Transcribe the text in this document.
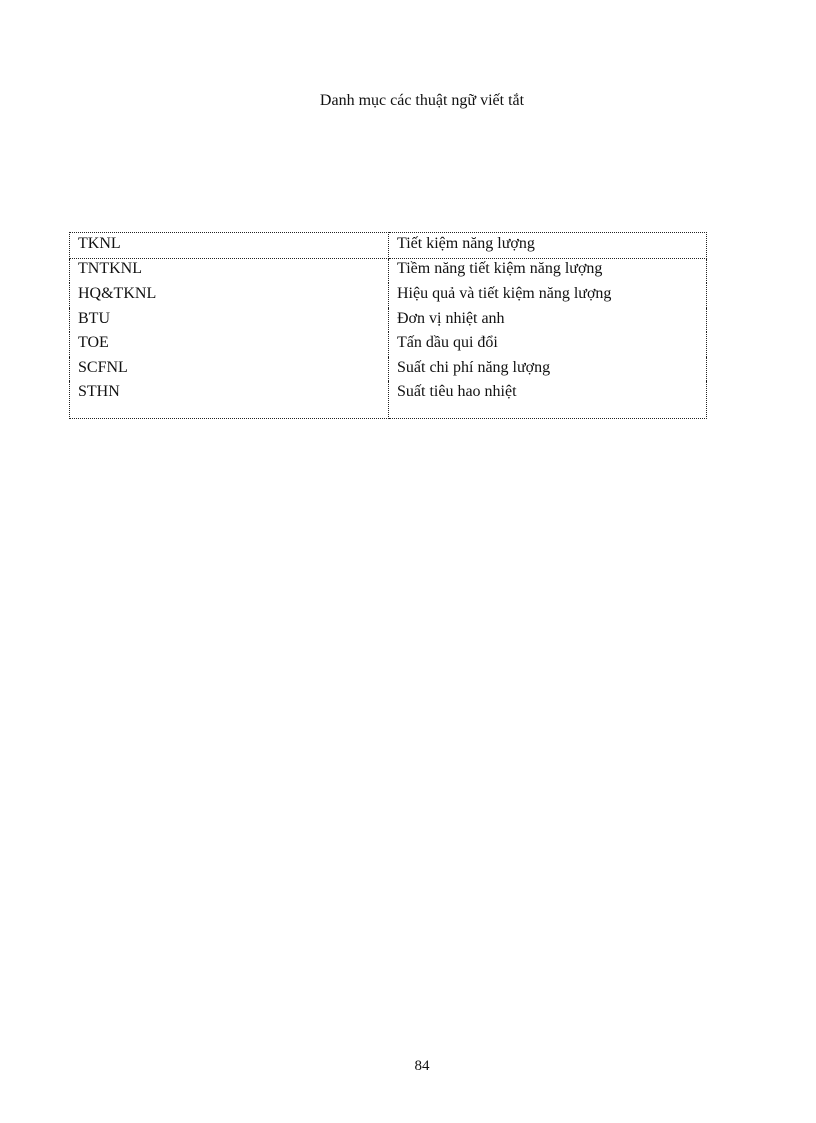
Danh mục các thuật ngữ viết tắt
TKNL	Tiết kiệm năng lượng
TNTKNL	Tiềm năng tiết kiệm năng lượng
HQ&TKNL	Hiệu quả và tiết kiệm năng lượng
BTU	Đơn vị nhiệt anh
TOE	Tấn dầu qui đổi
SCFNL	Suất chi phí năng lượng
STHN	Suất tiêu hao nhiệt
84
